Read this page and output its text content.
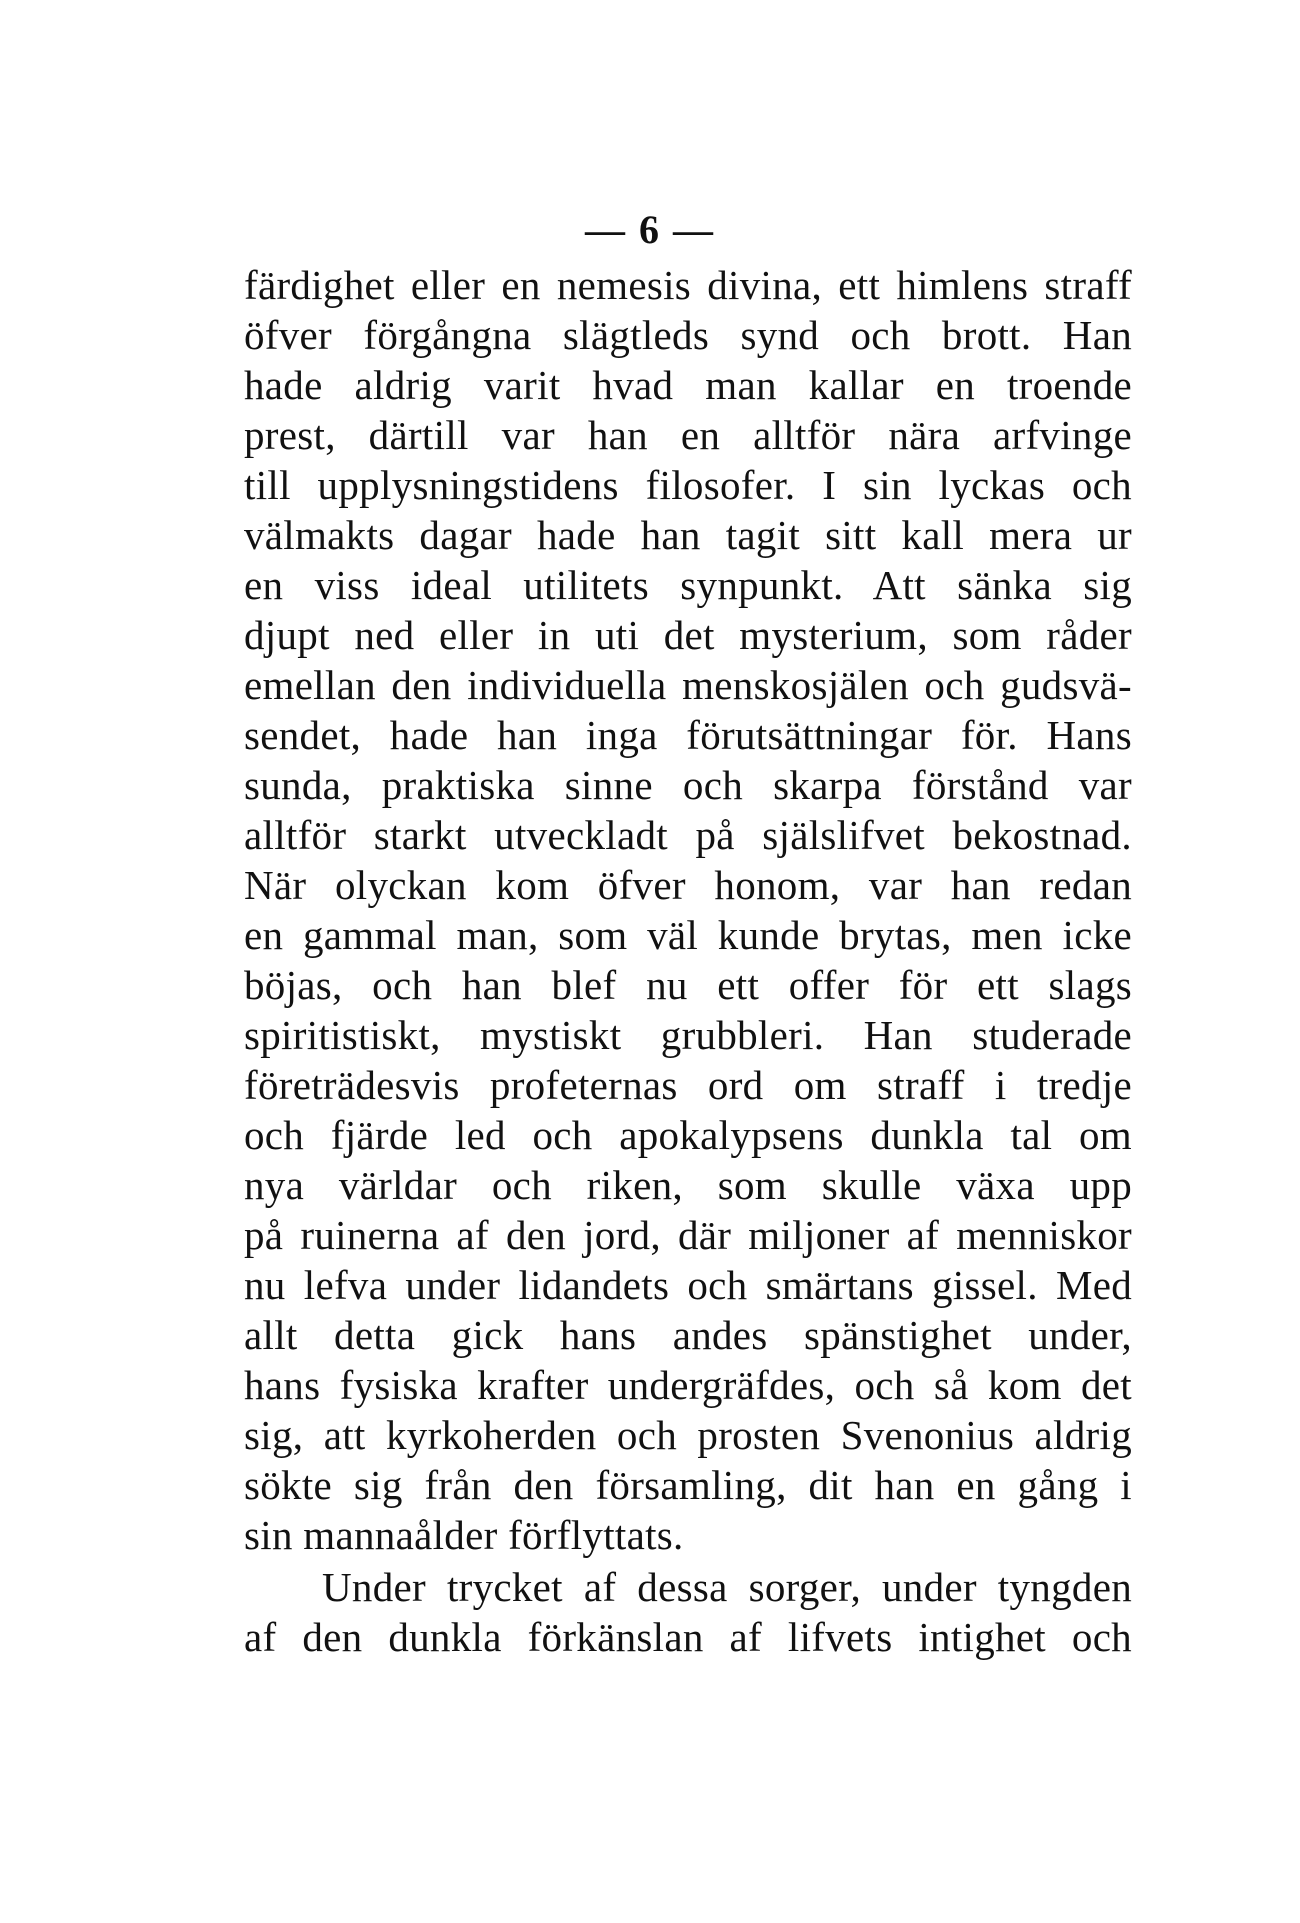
— 6 —
färdighet eller en nemesis divina, ett himlens straff
öfver förgångna slägtleds synd och brott. Han
hade aldrig varit hvad man kallar en troende
prest, därtill var han en alltför nära arfvinge
till upplysningstidens filosofer. I sin lyckas och
välmakts dagar hade han tagit sitt kall mera ur
en viss ideal utilitets synpunkt. Att sänka sig
djupt ned eller in uti det mysterium, som råder
emellan den individuella menskosjälen och gudsvä-
sendet, hade han inga förutsättningar för. Hans
sunda, praktiska sinne och skarpa förstånd var
alltför starkt utveckladt på själslifvet bekostnad.
När olyckan kom öfver honom, var han redan
en gammal man, som väl kunde brytas, men icke
böjas, och han blef nu ett offer för ett slags
spiritistiskt, mystiskt grubbleri. Han studerade
företrädesvis profeternas ord om straff i tredje
och fjärde led och apokalypsens dunkla tal om
nya världar och riken, som skulle växa upp
på ruinerna af den jord, där miljoner af menniskor
nu lefva under lidandets och smärtans gissel. Med
allt detta gick hans andes spänstighet under,
hans fysiska krafter undergräfdes, och så kom det
sig, att kyrkoherden och prosten Svenonius aldrig
sökte sig från den församling, dit han en gång i
sin mannaålder förflyttats.
Under trycket af dessa sorger, under tyngden
af den dunkla förkänslan af lifvets intighet och
